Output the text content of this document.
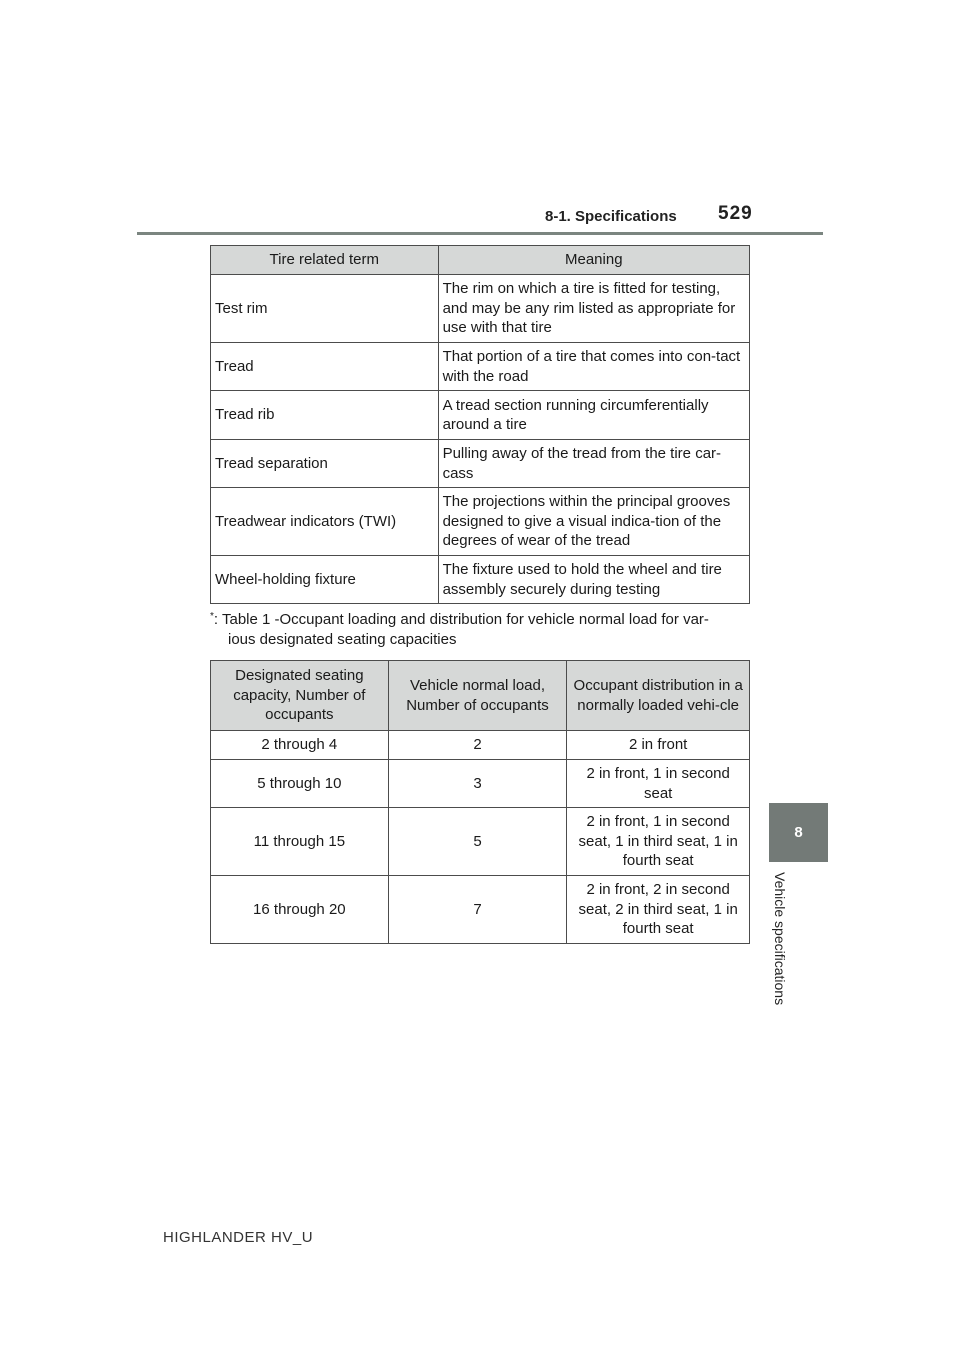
8-1. Specifications 529
8
Vehicle specifications
Tire related term	Meaning
Test rim	The rim on which a tire is fitted for testing, and may be any rim listed as appropriate for use with that tire
Tread	That portion of a tire that comes into con-tact with the road
Tread rib	A tread section running circumferentially around a tire
Tread separation	Pulling away of the tread from the tire car-cass
Treadwear indicators (TWI)	The projections within the principal grooves designed to give a visual indica-tion of the degrees of wear of the tread
Wheel-holding fixture	The fixture used to hold the wheel and tire assembly securely during testing
*: Table 1 -Occupant loading and distribution for vehicle normal load for var-
ious designated seating capacities
Designated seating capacity, Number of occupants	Vehicle normal load, Number of occupants	Occupant distribution in a normally loaded vehi-cle
2 through 4	2	2 in front
5 through 10	3	2 in front, 1 in second seat
11 through 15	5	2 in front, 1 in second seat, 1 in third seat, 1 in fourth seat
16 through 20	7	2 in front, 2 in second seat, 2 in third seat, 1 in fourth seat
HIGHLANDER HV_U
